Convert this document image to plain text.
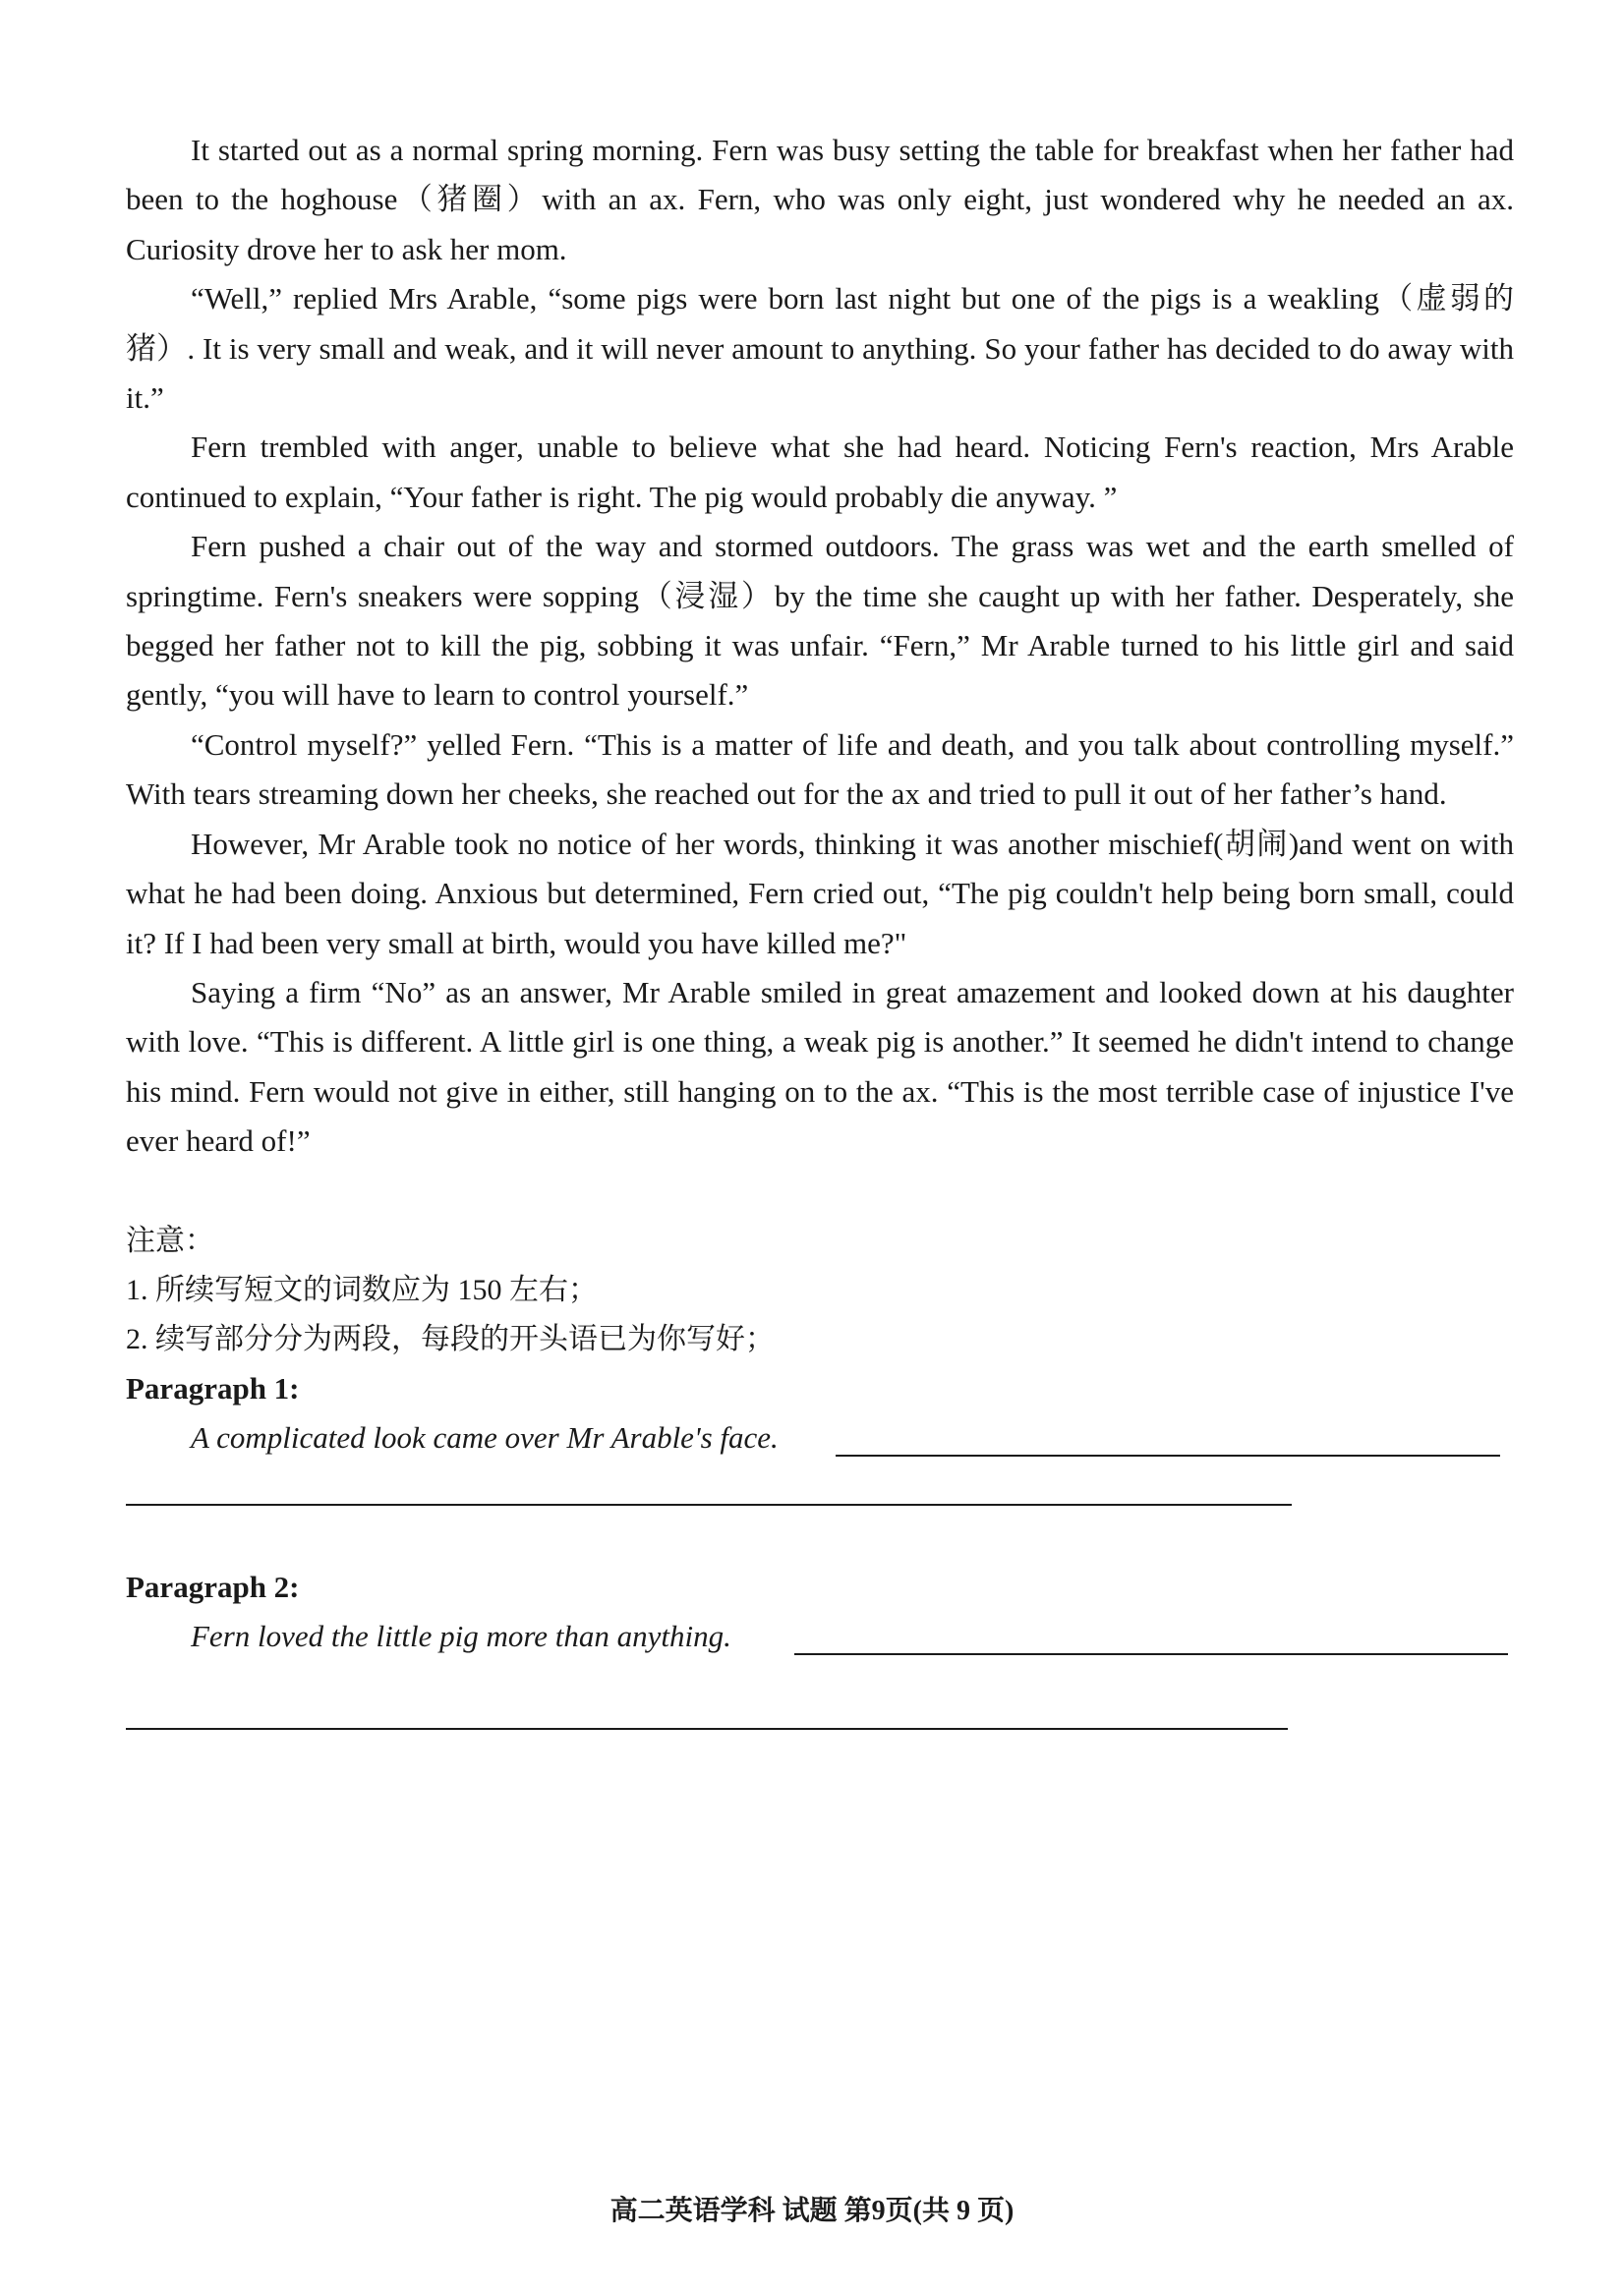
It started out as a normal spring morning. Fern was busy setting the table for breakfast when her father had been to the hoghouse（猪圈）with an ax. Fern, who was only eight, just wondered why he needed an ax. Curiosity drove her to ask her mom.

“Well,” replied Mrs Arable, “some pigs were born last night but one of the pigs is a weakling（虚弱的猪）. It is very small and weak, and it will never amount to anything. So your father has decided to do away with it.”

Fern trembled with anger, unable to believe what she had heard. Noticing Fern's reaction, Mrs Arable continued to explain, “Your father is right. The pig would probably die anyway. ”

Fern pushed a chair out of the way and stormed outdoors. The grass was wet and the earth smelled of springtime. Fern's sneakers were sopping（浸湿）by the time she caught up with her father. Desperately, she begged her father not to kill the pig, sobbing it was unfair. “Fern,” Mr Arable turned to his little girl and said gently, “you will have to learn to control yourself.”

“Control myself?” yelled Fern. “This is a matter of life and death, and you talk about controlling myself.” With tears streaming down her cheeks, she reached out for the ax and tried to pull it out of her father’s hand.

However, Mr Arable took no notice of her words, thinking it was another mischief(胡闹)and went on with what he had been doing. Anxious but determined, Fern cried out, “The pig couldn't help being born small, could it? If I had been very small at birth, would you have killed me?"

Saying a firm “No” as an answer, Mr Arable smiled in great amazement and looked down at his daughter with love. “This is different. A little girl is one thing, a weak pig is another.” It seemed he didn't intend to change his mind. Fern would not give in either, still hanging on to the ax. “This is the most terrible case of injustice I've ever heard of!”

注意：
1. 所续写短文的词数应为 150 左右；
2. 续写部分分为两段，每段的开头语已为你写好；
Paragraph 1:
A complicated look came over Mr Arable's face.
Paragraph 2:
Fern loved the little pig more than anything.
高二英语学科 试题 第9页(共 9 页)
